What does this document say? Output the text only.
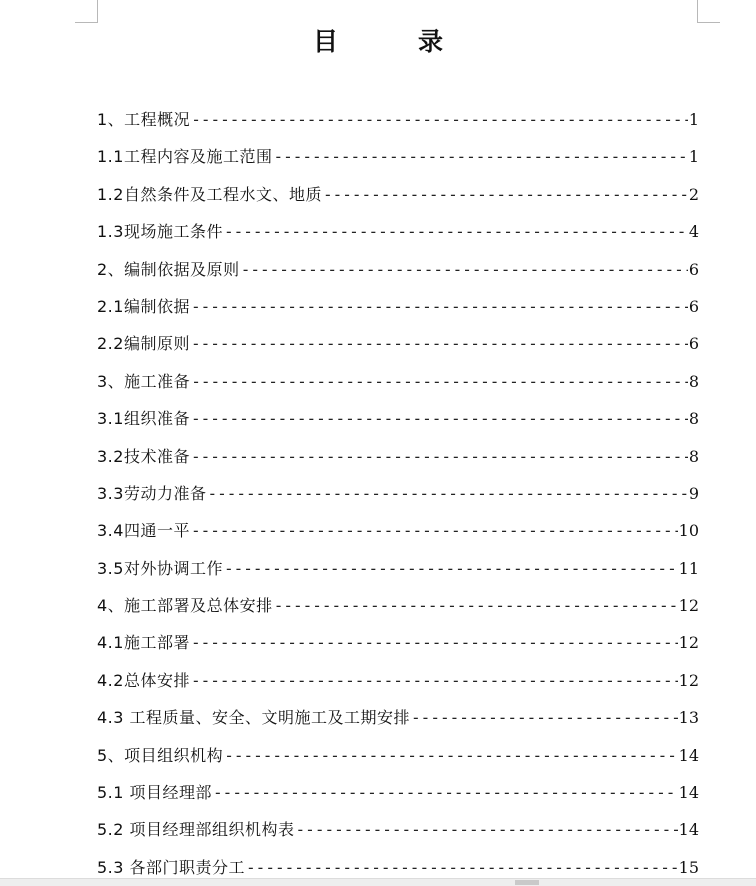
目	录
1、工程概况 -----	1
1.1工程内容及施工范围 -----	1
1.2自然条件及工程水文、地质 -----	2
1.3现场施工条件 -----	4
2、编制依据及原则 -----	6
2.1编制依据 -----	6
2.2编制原则 -----	6
3、施工准备 -----	8
3.1组织准备 -----	8
3.2技术准备 -----	8
3.3劳动力准备 -----	9
3.4四通一平 -----	10
3.5对外协调工作 -----	11
4、施工部署及总体安排 -----	12
4.1施工部署 -----	12
4.2总体安排 -----	12
4.3 工程质量、安全、文明施工及工期安排 -----	13
5、项目组织机构 -----	14
5.1 项目经理部 -----	14
5.2 项目经理部组织机构表 -----	14
5.3 各部门职责分工 -----	15
